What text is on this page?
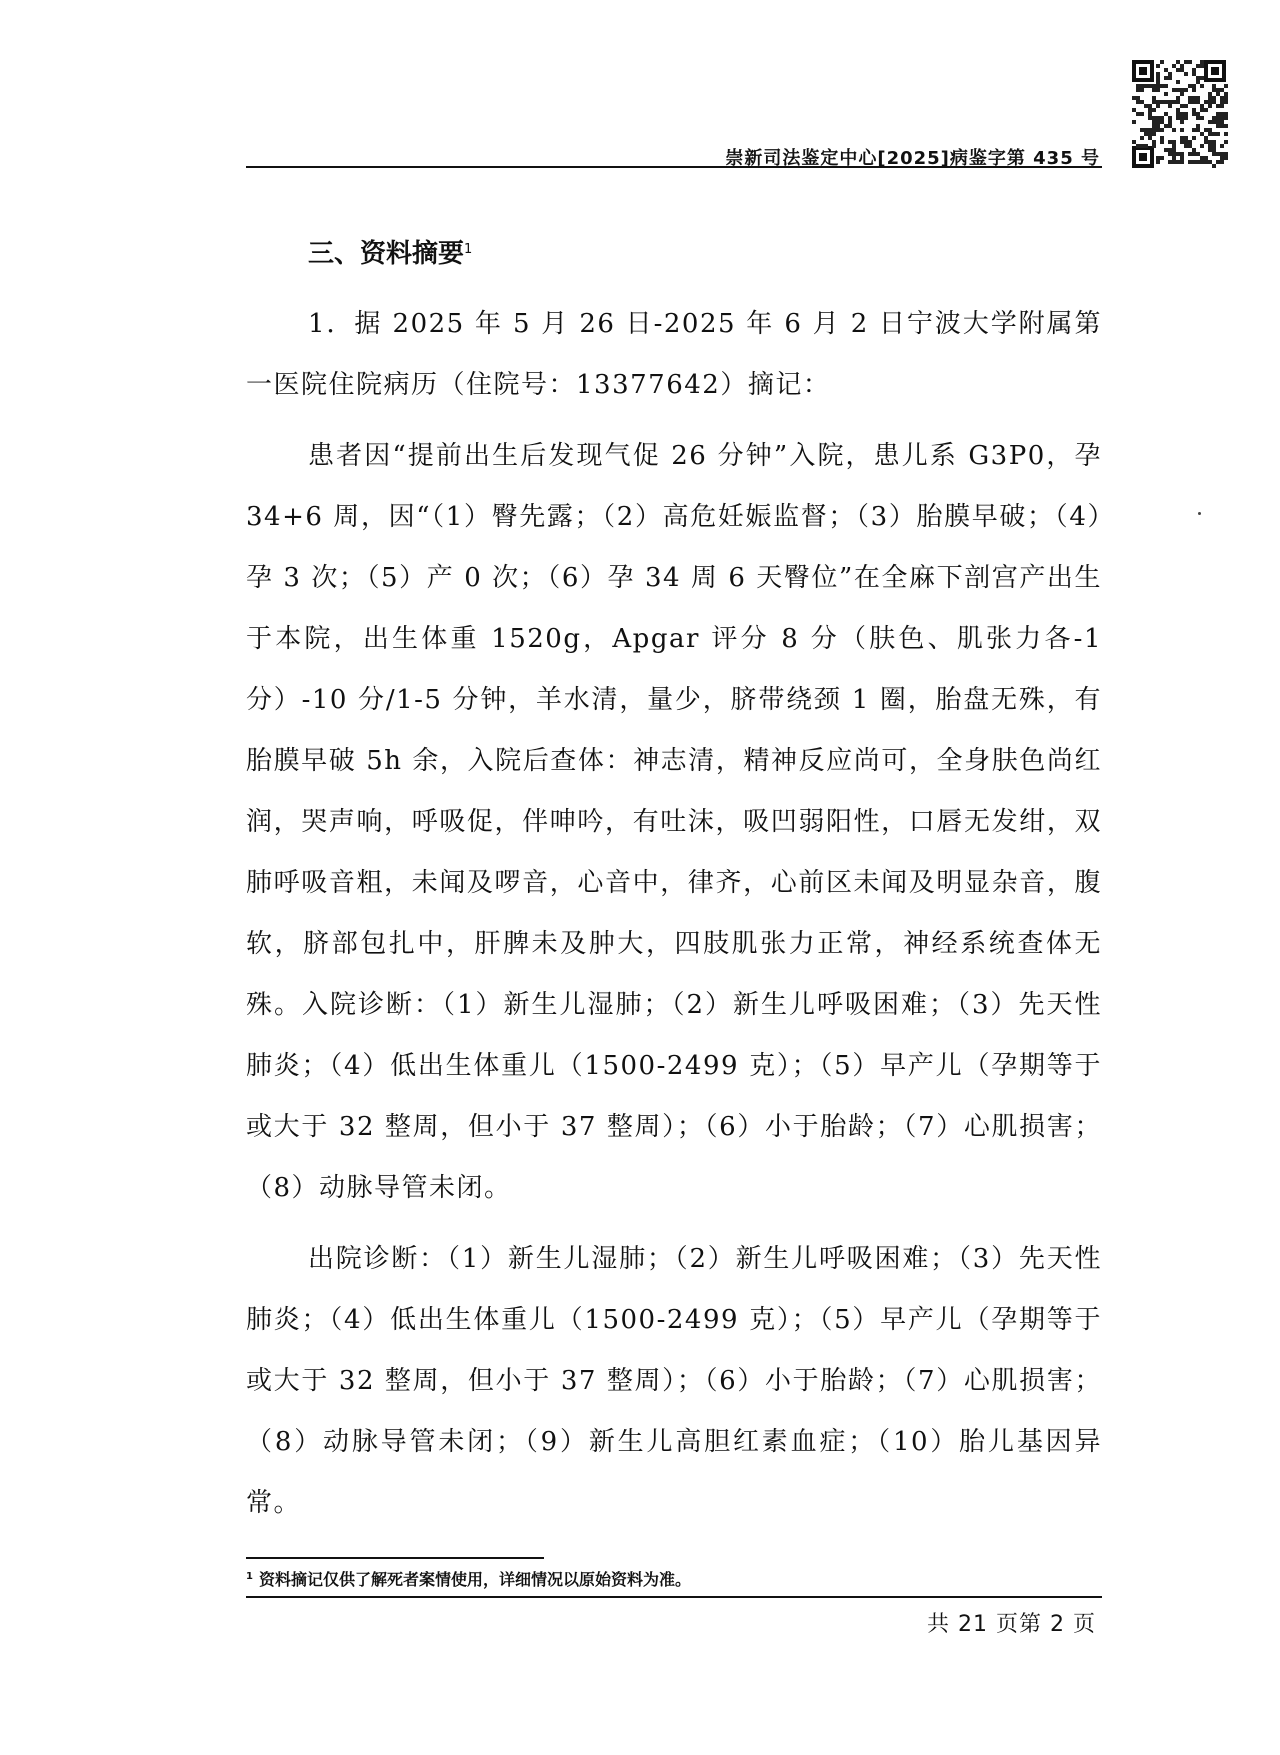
崇新司法鉴定中心[2025]病鉴字第 435 号
三、资料摘要$^1$

1．据 2025 年 5 月 26 日-2025 年 6 月 2 日宁波大学附属第一医院住院病历（住院号：13377642）摘记：

患者因“提前出生后发现气促 26 分钟”入院，患儿系 G3P0，孕 34+6 周，因“（1）臀先露；（2）高危妊娠监督；（3）胎膜早破；（4）孕 3 次；（5）产 0 次；（6）孕 34 周 6 天臀位”在全麻下剖宫产出生于本院，出生体重 1520g，Apgar 评分 8 分（肤色、肌张力各-1 分）-10 分/1-5 分钟，羊水清，量少，脐带绕颈 1 圈，胎盘无殊，有胎膜早破 5h 余，入院后查体：神志清，精神反应尚可，全身肤色尚红润，哭声响，呼吸促，伴呻吟，有吐沫，吸凹弱阳性，口唇无发绀，双肺呼吸音粗，未闻及啰音，心音中，律齐，心前区未闻及明显杂音，腹软，脐部包扎中，肝脾未及肿大，四肢肌张力正常，神经系统查体无殊。入院诊断：（1）新生儿湿肺；（2）新生儿呼吸困难；（3）先天性肺炎；（4）低出生体重儿（1500-2499 克）；（5）早产儿（孕期等于或大于 32 整周，但小于 37 整周）；（6）小于胎龄；（7）心肌损害；（8）动脉导管未闭。

出院诊断：（1）新生儿湿肺；（2）新生儿呼吸困难；（3）先天性肺炎；（4）低出生体重儿（1500-2499 克）；（5）早产儿（孕期等于或大于 32 整周，但小于 37 整周）；（6）小于胎龄；（7）心肌损害；（8）动脉导管未闭；（9）新生儿高胆红素血症；（10）胎儿基因异常。

$^1$ 资料摘记仅供了解死者案情使用，详细情况以原始资料为准。
共 21 页第 2 页
